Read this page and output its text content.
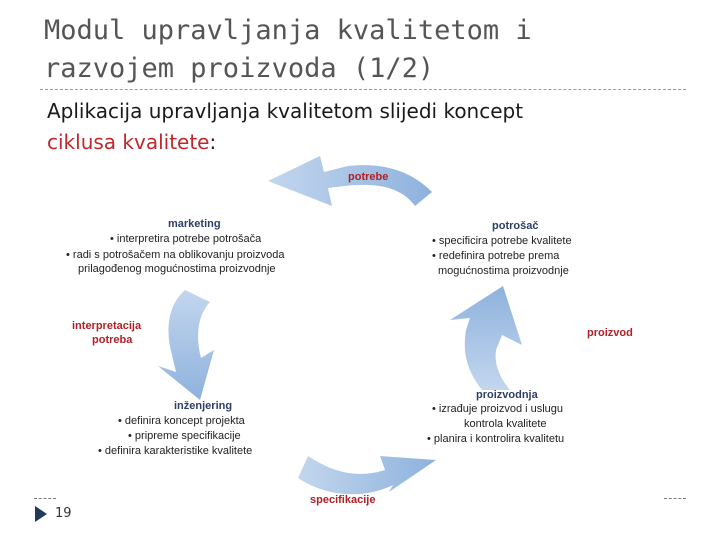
Modul upravljanja kvalitetom i
razvojem proizvoda (1/2)
Aplikacija upravljanja kvalitetom slijedi koncept
ciklusa kvalitete:
potrebe
proizvod
specifikacije
interpretacija
potreba
marketing
• interpretira potrebe potrošača
• radi s potrošačem na oblikovanju proizvoda
prilagođenog mogućnostima proizvodnje
potrošač
• specificira potrebe kvalitete
• redefinira potrebe prema
mogućnostima proizvodnje
proizvodnja
• izrađuje proizvod i uslugu
kontrola kvalitete
• planira i kontrolira kvalitetu
inženjering
• definira koncept projekta
• pripreme specifikacije
• definira karakteristike kvalitete
19
